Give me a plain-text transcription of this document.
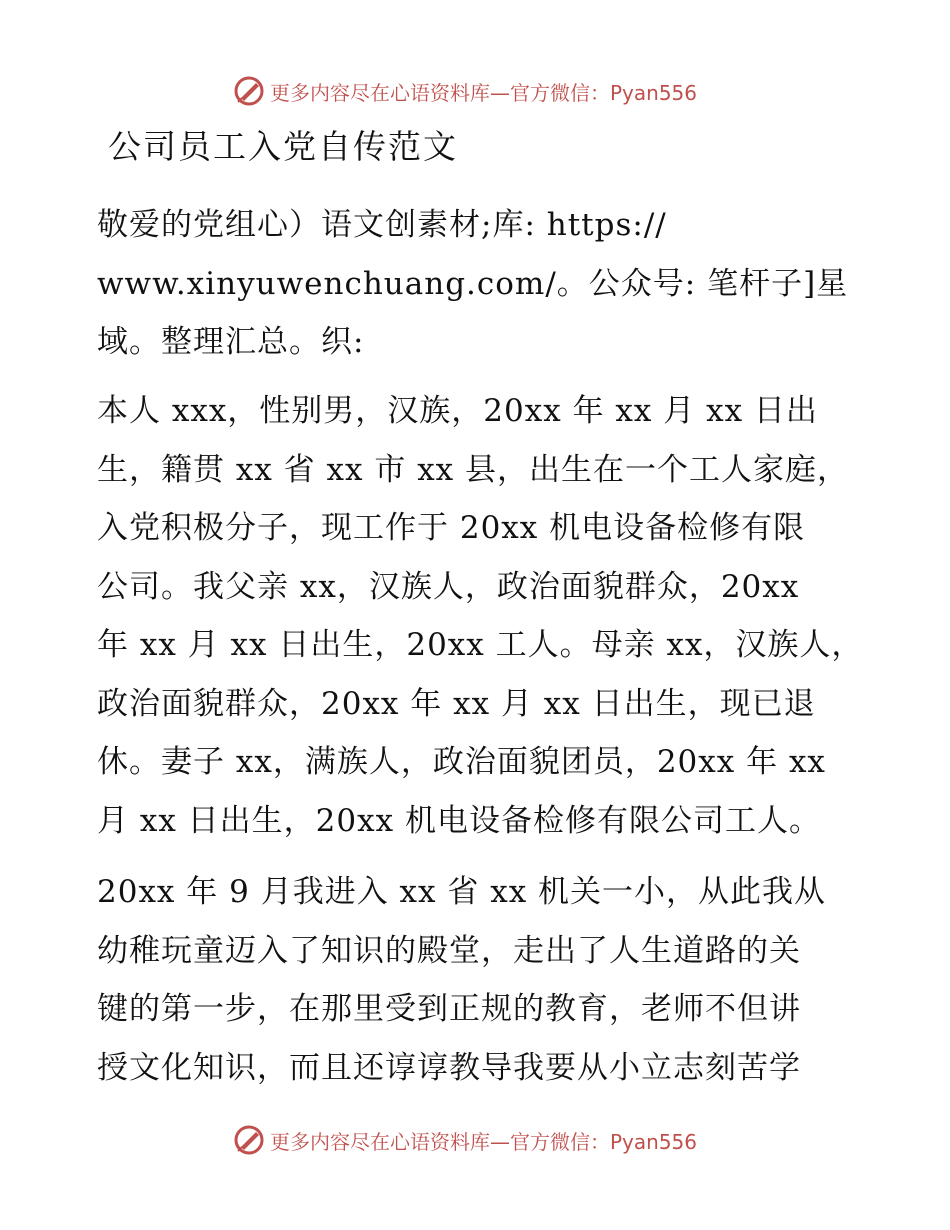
更多内容尽在心语资料库—官方微信：Pyan556
公司员工入党自传范文
敬爱的党组心）语文创素材;库: https://
www.xinyuwenchuang.com/。公众号: 笔杆子]星
域。整理汇总。织:
本人 xxx，性别男，汉族，20xx 年 xx 月 xx 日出
生，籍贯 xx 省 xx 市 xx 县，出生在一个工人家庭，
入党积极分子，现工作于 20xx 机电设备检修有限
公司。我父亲 xx，汉族人，政治面貌群众，20xx
年 xx 月 xx 日出生，20xx 工人。母亲 xx，汉族人，
政治面貌群众，20xx 年 xx 月 xx 日出生，现已退
休。妻子 xx，满族人，政治面貌团员，20xx 年 xx
月 xx 日出生，20xx 机电设备检修有限公司工人。
20xx 年 9 月我进入 xx 省 xx 机关一小，从此我从
幼稚玩童迈入了知识的殿堂，走出了人生道路的关
键的第一步，在那里受到正规的教育，老师不但讲
授文化知识，而且还谆谆教导我要从小立志刻苦学
更多内容尽在心语资料库—官方微信：Pyan556
